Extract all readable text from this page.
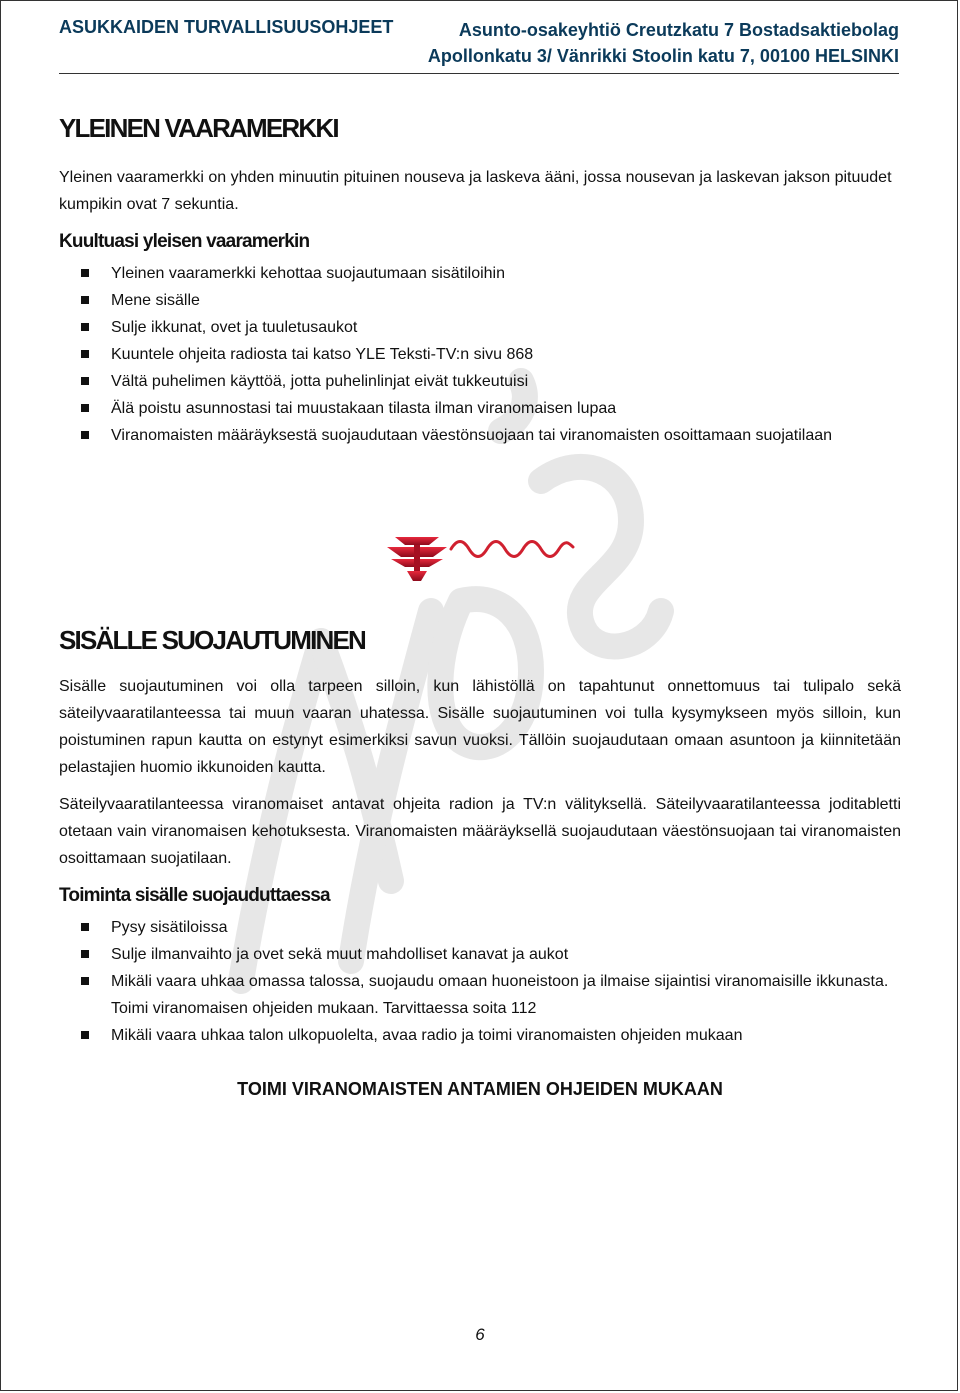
ASUKKAIDEN TURVALLISUUSOHJEET	Asunto-osakeyhtiö Creutzkatu 7 Bostadsaktiebolag
Apollonkatu 3/ Vänrikki Stoolin katu 7, 00100 HELSINKI
YLEINEN VAARAMERKKI

Yleinen vaaramerkki on yhden minuutin pituinen nouseva ja laskeva ääni, jossa nousevan ja laskevan jakson pituudet kumpikin ovat 7 sekuntia.

Kuultuasi yleisen vaaramerkin
Yleinen vaaramerkki kehottaa suojautumaan sisätiloihin
Mene sisälle
Sulje ikkunat, ovet ja tuuletusaukot
Kuuntele ohjeita radiosta tai katso YLE Teksti-TV:n sivu 868
Vältä puhelimen käyttöä, jotta puhelinlinjat eivät tukkeutuisi
Älä poistu asunnostasi tai muustakaan tilasta ilman viranomaisen lupaa
Viranomaisten määräyksestä suojaudutaan väestönsuojaan tai viranomaisten osoittamaan suojatilaan
SISÄLLE SUOJAUTUMINEN

Sisälle suojautuminen voi olla tarpeen silloin, kun lähistöllä on tapahtunut onnettomuus tai tulipalo sekä säteilyvaaratilanteessa tai muun vaaran uhatessa. Sisälle suojautuminen voi tulla kysymykseen myös silloin, kun poistuminen rapun kautta on estynyt esimerkiksi savun vuoksi. Tällöin suojaudutaan omaan asuntoon ja kiinnitetään pelastajien huomio ikkunoiden kautta.

Säteilyvaaratilanteessa viranomaiset antavat ohjeita radion ja TV:n välityksellä. Säteilyvaaratilanteessa joditabletti otetaan vain viranomaisen kehotuksesta. Viranomaisten määräyksellä suojaudutaan väestönsuojaan tai viranomaisten osoittamaan suojatilaan.

Toiminta sisälle suojauduttaessa
Pysy sisätiloissa
Sulje ilmanvaihto ja ovet sekä muut mahdolliset kanavat ja aukot
Mikäli vaara uhkaa omassa talossa, suojaudu omaan huoneistoon ja ilmaise sijaintisi viranomaisille ikkunasta. Toimi viranomaisen ohjeiden mukaan. Tarvittaessa soita 112
Mikäli vaara uhkaa talon ulkopuolelta, avaa radio ja toimi viranomaisten ohjeiden mukaan
TOIMI VIRANOMAISTEN ANTAMIEN OHJEIDEN MUKAAN
6
